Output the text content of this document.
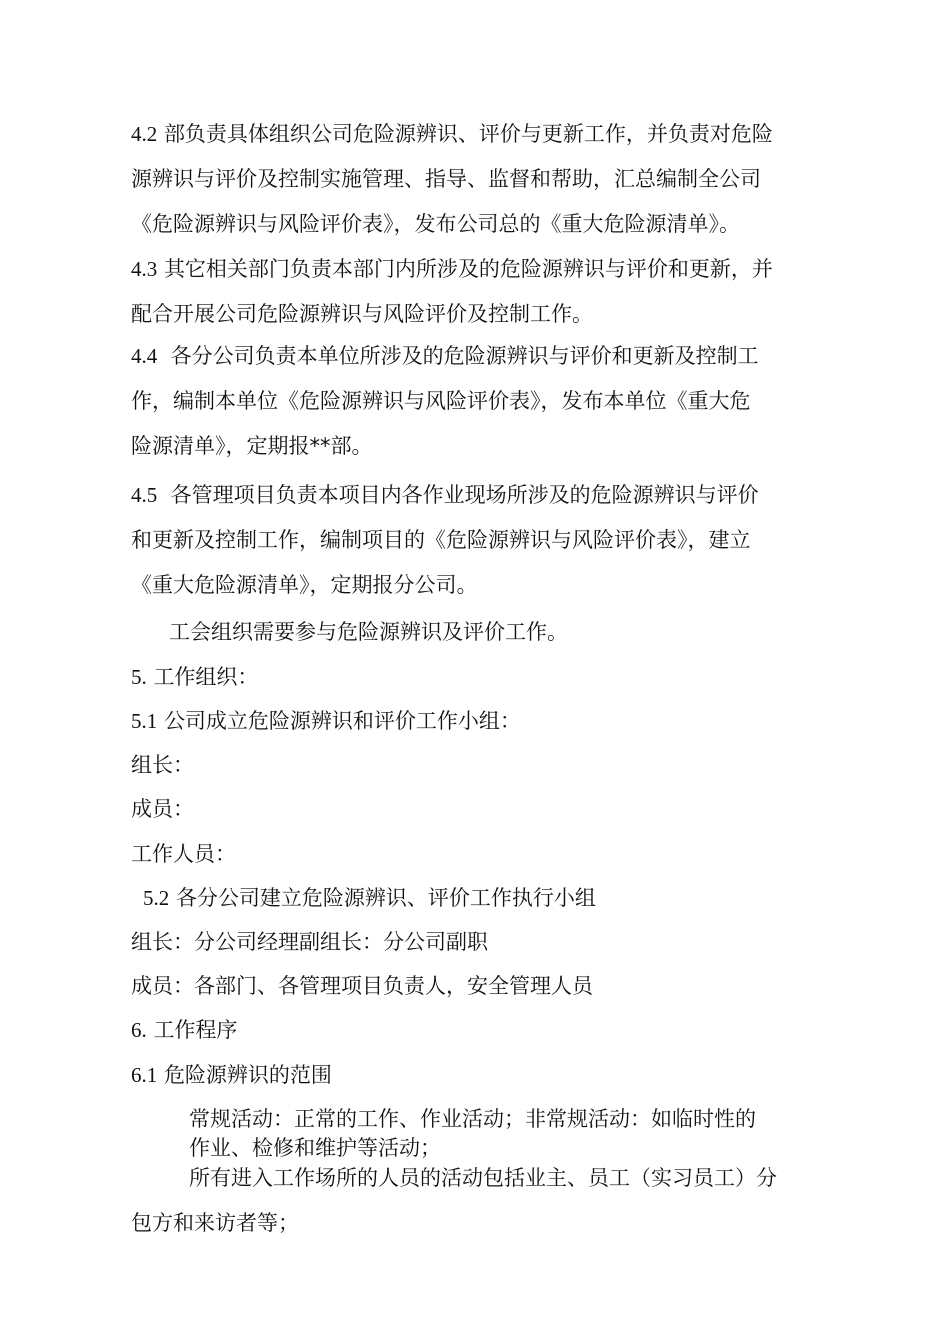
4.2 部负责具体组织公司危险源辨识、评价与更新工作，并负责对危险
源辨识与评价及控制实施管理、指导、监督和帮助，汇总编制全公司
《危险源辨识与风险评价表》，发布公司总的《重大危险源清单》。
4.3 其它相关部门负责本部门内所涉及的危险源辨识与评价和更新，并
配合开展公司危险源辨识与风险评价及控制工作。
4.4 各分公司负责本单位所涉及的危险源辨识与评价和更新及控制工
作，编制本单位《危险源辨识与风险评价表》，发布本单位《重大危
险源清单》，定期报**部。
4.5 各管理项目负责本项目内各作业现场所涉及的危险源辨识与评价
和更新及控制工作，编制项目的《危险源辨识与风险评价表》，建立
《重大危险源清单》，定期报分公司。
工会组织需要参与危险源辨识及评价工作。
5. 工作组织：
5.1 公司成立危险源辨识和评价工作小组：
组长：
成员：
工作人员：
5.2 各分公司建立危险源辨识、评价工作执行小组
组长：分公司经理副组长：分公司副职
成员：各部门、各管理项目负责人，安全管理人员
6. 工作程序
6.1 危险源辨识的范围
常规活动：正常的工作、作业活动；非常规活动：如临时性的
作业、检修和维护等活动；
所有进入工作场所的人员的活动包括业主、员工（实习员工）分
包方和来访者等；
